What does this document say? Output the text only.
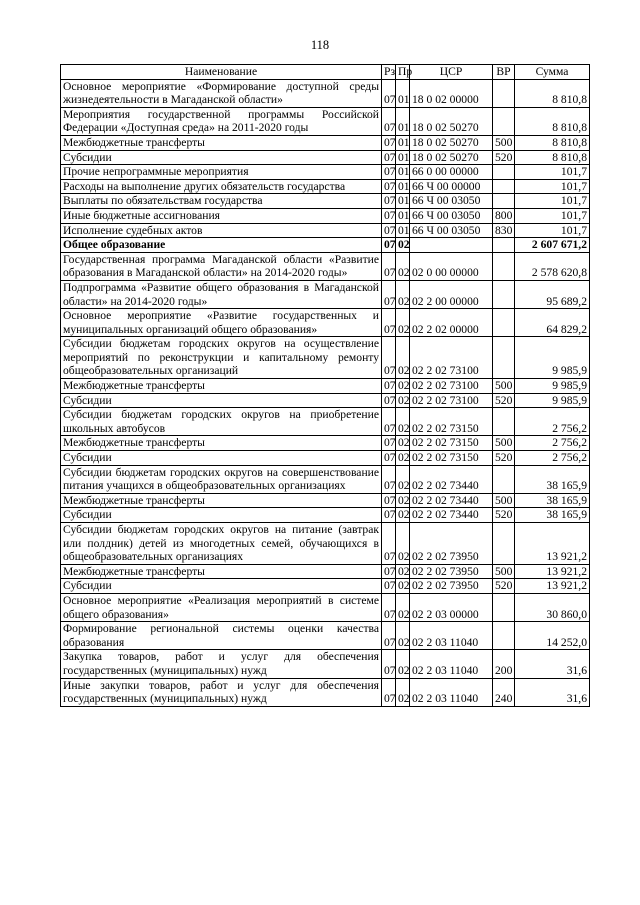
118
Наименование	Рз	Пр	ЦСР	ВР	Сумма
Основное мероприятие «Формирование доступной среды жизнедеятельности в Магаданской области»	07	01	18 0 02 00000		8 810,8
Мероприятия государственной программы Российской Федерации «Доступная среда» на 2011-2020 годы	07	01	18 0 02 50270		8 810,8
Межбюджетные трансферты	07	01	18 0 02 50270	500	8 810,8
Субсидии	07	01	18 0 02 50270	520	8 810,8
Прочие непрограммные мероприятия	07	01	66 0 00 00000		101,7
Расходы на выполнение других обязательств государства	07	01	66 Ч 00 00000		101,7
Выплаты по обязательствам государства	07	01	66 Ч 00 03050		101,7
Иные бюджетные ассигнования	07	01	66 Ч 00 03050	800	101,7
Исполнение судебных актов	07	01	66 Ч 00 03050	830	101,7
Общее образование	07	02			2 607 671,2
Государственная программа Магаданской области «Развитие образования в Магаданской области» на 2014-2020 годы»	07	02	02 0 00 00000		2 578 620,8
Подпрограмма «Развитие общего образования в Магаданской области» на 2014-2020 годы»	07	02	02 2 00 00000		95 689,2
Основное мероприятие «Развитие государственных и муниципальных организаций общего образования»	07	02	02 2 02 00000		64 829,2
Субсидии бюджетам городских округов на осуществление мероприятий по реконструкции и капитальному ремонту общеобразовательных организаций	07	02	02 2 02 73100		9 985,9
Межбюджетные трансферты	07	02	02 2 02 73100	500	9 985,9
Субсидии	07	02	02 2 02 73100	520	9 985,9
Субсидии бюджетам городских округов на приобретение школьных автобусов	07	02	02 2 02 73150		2 756,2
Межбюджетные трансферты	07	02	02 2 02 73150	500	2 756,2
Субсидии	07	02	02 2 02 73150	520	2 756,2
Субсидии бюджетам городских округов на совершенствование питания учащихся в общеобразовательных организациях	07	02	02 2 02 73440		38 165,9
Межбюджетные трансферты	07	02	02 2 02 73440	500	38 165,9
Субсидии	07	02	02 2 02 73440	520	38 165,9
Субсидии бюджетам городских округов на питание (завтрак или полдник) детей из многодетных семей, обучающихся в общеобразовательных организациях	07	02	02 2 02 73950		13 921,2
Межбюджетные трансферты	07	02	02 2 02 73950	500	13 921,2
Субсидии	07	02	02 2 02 73950	520	13 921,2
Основное мероприятие «Реализация мероприятий в системе общего образования»	07	02	02 2 03 00000		30 860,0
Формирование региональной системы оценки качества образования	07	02	02 2 03 11040		14 252,0
Закупка товаров, работ и услуг для обеспечения государственных (муниципальных) нужд	07	02	02 2 03 11040	200	31,6
Иные закупки товаров, работ и услуг для обеспечения государственных (муниципальных) нужд	07	02	02 2 03 11040	240	31,6
